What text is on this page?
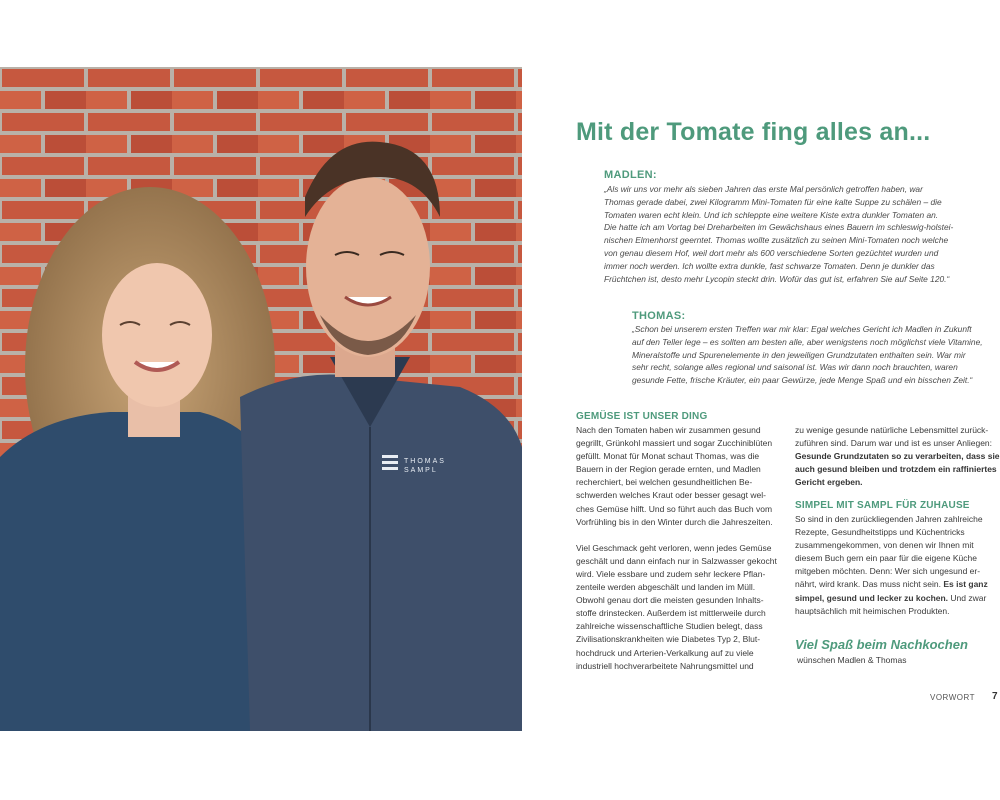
THOMAS
SAMPL
Mit der Tomate fing alles an...
MADLEN:
„Als wir uns vor mehr als sieben Jahren das erste Mal persönlich getroffen haben, war
Thomas gerade dabei, zwei Kilogramm Mini-Tomaten für eine kalte Suppe zu schälen – die
Tomaten waren echt klein. Und ich schleppte eine weitere Kiste extra dunkler Tomaten an.
Die hatte ich am Vortag bei Dreharbeiten im Gewächshaus eines Bauern im schleswig-holstei-
nischen Elmenhorst geerntet. Thomas wollte zusätzlich zu seinen Mini-Tomaten noch welche
von genau diesem Hof, weil dort mehr als 600 verschiedene Sorten gezüchtet wurden und
immer noch werden. Ich wollte extra dunkle, fast schwarze Tomaten. Denn je dunkler das
Früchtchen ist, desto mehr Lycopin steckt drin. Wofür das gut ist, erfahren Sie auf Seite 120.“
THOMAS:
„Schon bei unserem ersten Treffen war mir klar: Egal welches Gericht ich Madlen in Zukunft
auf den Teller lege – es sollten am besten alle, aber wenigstens noch möglichst viele Vitamine,
Mineralstoffe und Spurenelemente in den jeweiligen Grundzutaten enthalten sein. War mir
sehr recht, solange alles regional und saisonal ist. Was wir dann noch brauchten, waren
gesunde Fette, frische Kräuter, ein paar Gewürze, jede Menge Spaß und ein bisschen Zeit.“
GEMÜSE IST UNSER DING
Nach den Tomaten haben wir zusammen gesund
gegrillt, Grünkohl massiert und sogar Zucchiniblüten
gefüllt. Monat für Monat schaut Thomas, was die
Bauern in der Region gerade ernten, und Madlen
recherchiert, bei welchen gesundheitlichen Be-
schwerden welches Kraut oder besser gesagt wel-
ches Gemüse hilft. Und so führt auch das Buch vom
Vorfrühling bis in den Winter durch die Jahreszeiten.
Viel Geschmack geht verloren, wenn jedes Gemüse
geschält und dann einfach nur in Salzwasser gekocht
wird. Viele essbare und zudem sehr leckere Pflan-
zenteile werden abgeschält und landen im Müll.
Obwohl genau dort die meisten gesunden Inhalts-
stoffe drinstecken. Außerdem ist mittlerweile durch
zahlreiche wissenschaftliche Studien belegt, dass
Zivilisationskrankheiten wie Diabetes Typ 2, Blut-
hochdruck und Arterien-Verkalkung auf zu viele
industriell hochverarbeitete Nahrungsmittel und
zu wenige gesunde natürliche Lebensmittel zurück-
zuführen sind. Darum war und ist es unser Anliegen:
Gesunde Grundzutaten so zu verarbeiten, dass sie
auch gesund bleiben und trotzdem ein raffiniertes
Gericht ergeben.
SIMPEL MIT SAMPL FÜR ZUHAUSE
So sind in den zurückliegenden Jahren zahlreiche
Rezepte, Gesundheitstipps und Küchentricks
zusammengekommen, von denen wir Ihnen mit
diesem Buch gern ein paar für die eigene Küche
mitgeben möchten. Denn: Wer sich ungesund er-
nährt, wird krank. Das muss nicht sein. Es ist ganz
simpel, gesund und lecker zu kochen. Und zwar
hauptsächlich mit heimischen Produkten.
Viel Spaß beim Nachkochen
wünschen Madlen & Thomas
VORWORT 7
